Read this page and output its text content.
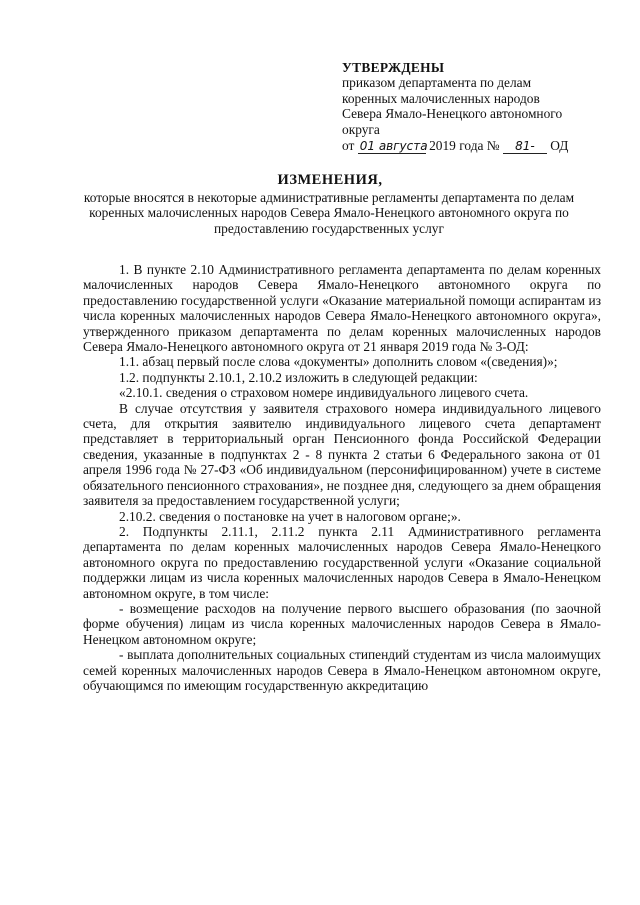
УТВЕРЖДЕНЫ
приказом департамента по делам
коренных малочисленных народов
Севера Ямало-Ненецкого автономного
округа
от 01 августа 2019 года № 81- ОД
ИЗМЕНЕНИЯ,
которые вносятся в некоторые административные регламенты департамента по делам коренных малочисленных народов Севера Ямало-Ненецкого автономного округа по предоставлению государственных услуг

1. В пункте 2.10 Административного регламента департамента по делам коренных малочисленных народов Севера Ямало-Ненецкого автономного округа по предоставлению государственной услуги «Оказание материальной помощи аспирантам из числа коренных малочисленных народов Севера Ямало-Ненецкого автономного округа», утвержденного приказом департамента по делам коренных малочисленных народов Севера Ямало-Ненецкого автономного округа от 21 января 2019 года № 3-ОД:

1.1. абзац первый после слова «документы» дополнить словом «(сведения)»;

1.2. подпункты 2.10.1, 2.10.2 изложить в следующей редакции:

«2.10.1. сведения о страховом номере индивидуального лицевого счета.

В случае отсутствия у заявителя страхового номера индивидуального лицевого счета, для открытия заявителю индивидуального лицевого счета департамент представляет в территориальный орган Пенсионного фонда Российской Федерации сведения, указанные в подпунктах 2 - 8 пункта 2 статьи 6 Федерального закона от 01 апреля 1996 года № 27-ФЗ «Об индивидуальном (персонифицированном) учете в системе обязательного пенсионного страхования», не позднее дня, следующего за днем обращения заявителя за предоставлением государственной услуги;

2.10.2. сведения о постановке на учет в налоговом органе;».

2. Подпункты 2.11.1, 2.11.2 пункта 2.11 Административного регламента департамента по делам коренных малочисленных народов Севера Ямало-Ненецкого автономного округа по предоставлению государственной услуги «Оказание социальной поддержки лицам из числа коренных малочисленных народов Севера в Ямало-Ненецком автономном округе, в том числе:

- возмещение расходов на получение первого высшего образования (по заочной форме обучения) лицам из числа коренных малочисленных народов Севера в Ямало-Ненецком автономном округе;

- выплата дополнительных социальных стипендий студентам из числа малоимущих семей коренных малочисленных народов Севера в Ямало-Ненецком автономном округе, обучающимся по имеющим государственную аккредитацию
